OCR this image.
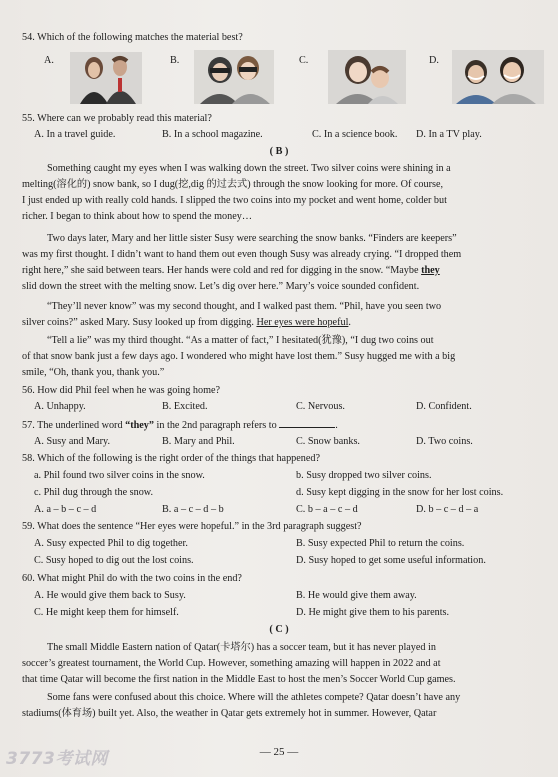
54. Which of the following matches the material best?
A.	B.	C.	D.
55. Where can we probably read this material?
A. In a travel guide.	B. In a school magazine.	C. In a science book. D. In a TV play.
( B )
Something caught my eyes when I was walking down the street. Two silver coins were shining in a
melting(溶化的) snow bank, so I dug(挖,dig 的过去式) through the snow looking for more. Of course,
I just ended up with really cold hands. I slipped the two coins into my pocket and went home, colder but
richer. I began to think about how to spend the money…
Two days later, Mary and her little sister Susy were searching the snow banks. “Finders are keepers”
was my first thought. I didn’t want to hand them out even though Susy was already crying. “I dropped them
right here,” she said between tears. Her hands were cold and red for digging in the snow. “Maybe they
slid down the street with the melting snow. Let’s dig over here.” Mary’s voice sounded confident.
“They’ll never know” was my second thought, and I walked past them. “Phil, have you seen two
silver coins?” asked Mary. Susy looked up from digging. Her eyes were hopeful.
“Tell a lie” was my third thought. “As a matter of fact,” I hesitated(犹豫), “I dug two coins out
of that snow bank just a few days ago. I wondered who might have lost them.” Susy hugged me with a big
smile, “Oh, thank you, thank you.”
56. How did Phil feel when he was going home?
A. Unhappy.	B. Excited.	C. Nervous.	D. Confident.
57. The underlined word “they” in the 2nd paragraph refers to	.
A. Susy and Mary.	B. Mary and Phil.	C. Snow banks.	D. Two coins.
58. Which of the following is the right order of the things that happened?
a. Phil found two silver coins in the snow.	b. Susy dropped two silver coins.
c. Phil dug through the snow.	d. Susy kept digging in the snow for her lost coins.
A. a – b – c – d	B. a – c – d – b	C. b – a – c – d	D. b – c – d – a
59. What does the sentence “Her eyes were hopeful.” in the 3rd paragraph suggest?
A. Susy expected Phil to dig together.	B. Susy expected Phil to return the coins.
C. Susy hoped to dig out the lost coins.	D. Susy hoped to get some useful information.
60. What might Phil do with the two coins in the end?
A. He would give them back to Susy.	B. He would give them away.
C. He might keep them for himself.	D. He might give them to his parents.
( C )
The small Middle Eastern nation of Qatar(卡塔尔) has a soccer team, but it has never played in
soccer’s greatest tournament, the World Cup. However, something amazing will happen in 2022 and at
that time Qatar will become the first nation in the Middle East to host the men’s Soccer World Cup games.
Some fans were confused about this choice. Where will the athletes compete? Qatar doesn’t have any
stadiums(体育场) built yet. Also, the weather in Qatar gets extremely hot in summer. However, Qatar
— 25 —
3773考试网
